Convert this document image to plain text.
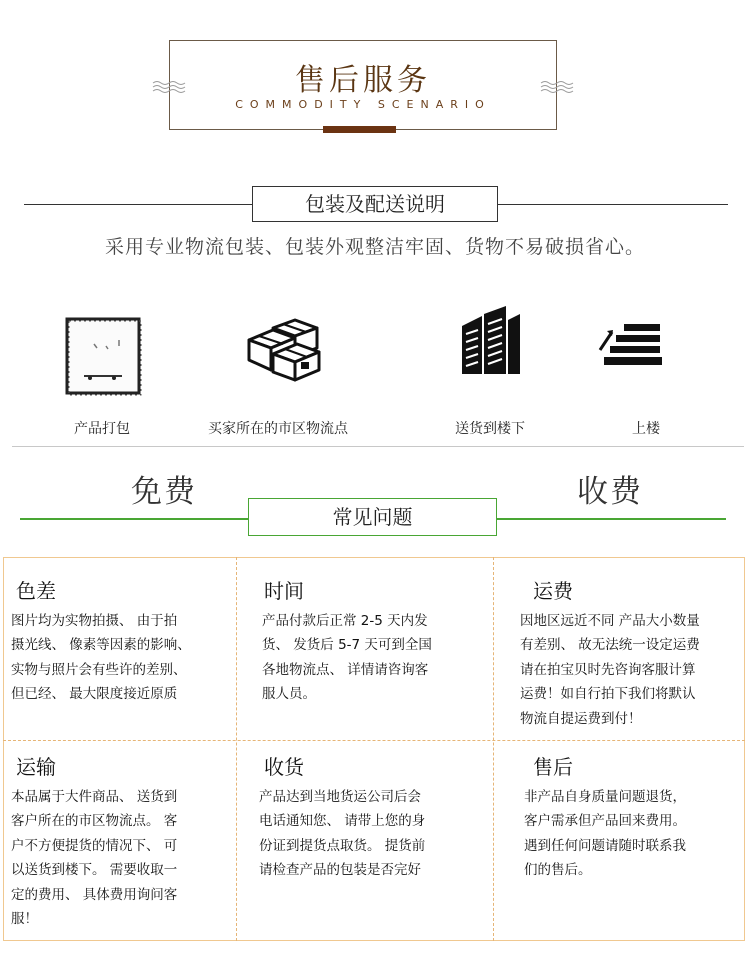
售后服务
COMMODITY SCENARIO
包装及配送说明
采用专业物流包装、包装外观整洁牢固、货物不易破损省心。
产品打包	买家所在的市区物流点	送货到楼下	上楼
免费	收费
常见问题
色差
图片均为实物拍摄、 由于拍
摄光线、 像素等因素的影响、
实物与照片会有些许的差别、
但已经、 最大限度接近原质
时间
产品付款后正常 2-5 天内发
货、 发货后 5-7 天可到全国
各地物流点、 详情请咨询客
服人员。
运费
因地区远近不同 产品大小数量
有差别、 故无法统一设定运费
请在拍宝贝时先咨询客服计算
运费！如自行拍下我们将默认
物流自提运费到付！
运输
本品属于大件商品、 送货到
客户所在的市区物流点。 客
户不方便提货的情况下、 可
以送货到楼下。 需要收取一
定的费用、 具体费用询问客
服！
收货
产品达到当地货运公司后会
电话通知您、 请带上您的身
份证到提货点取货。 提货前
请检查产品的包装是否完好
售后
非产品自身质量问题退货，
客户需承但产品回来费用。
遇到任何问题请随时联系我
们的售后。
